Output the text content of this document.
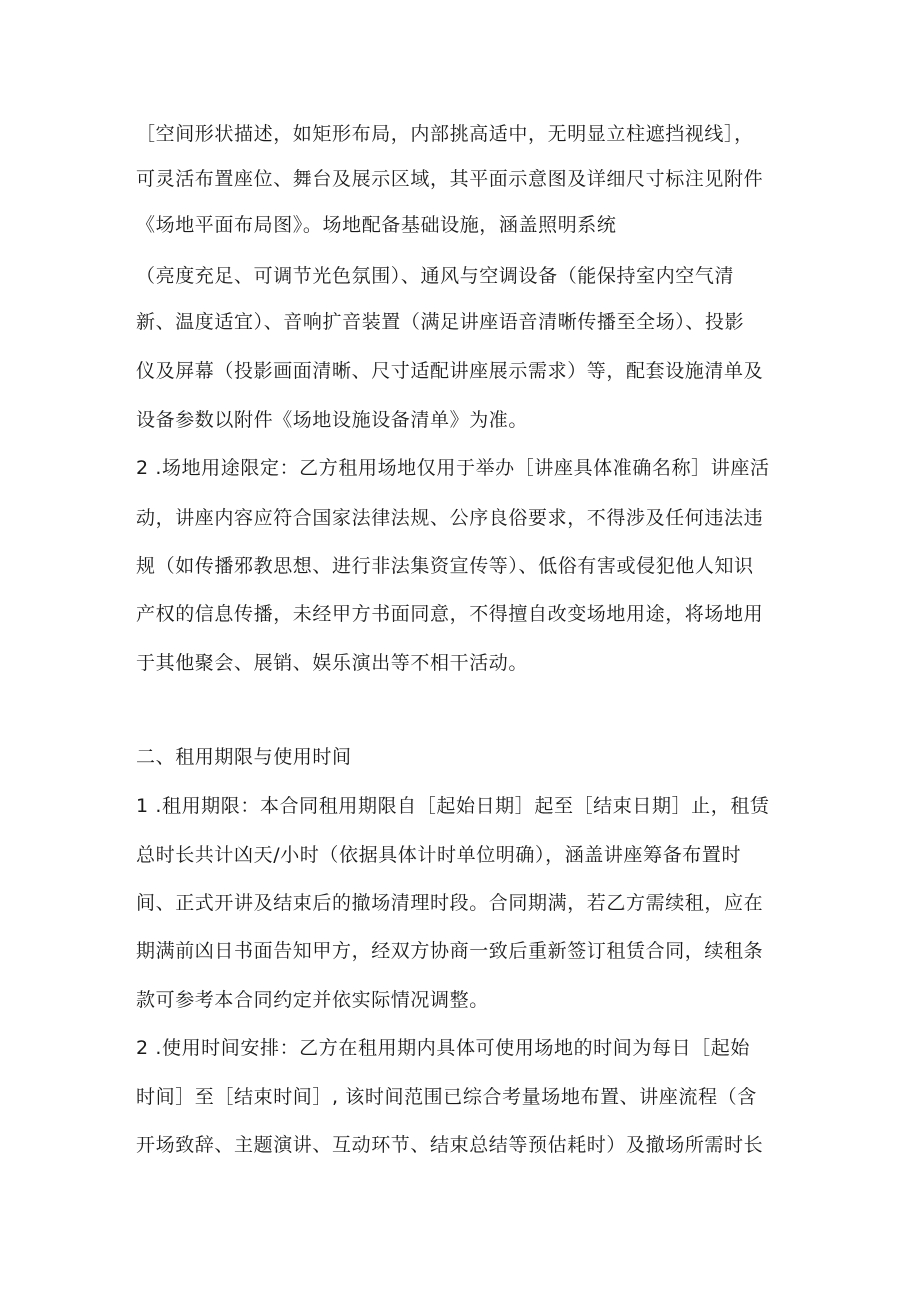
［空间形状描述，如矩形布局，内部挑高适中，无明显立柱遮挡视线］，
可灵活布置座位、舞台及展示区域，其平面示意图及详细尺寸标注见附件
《场地平面布局图》。场地配备基础设施，涵盖照明系统
（亮度充足、可调节光色氛围）、通风与空调设备（能保持室内空气清
新、温度适宜）、音响扩音装置（满足讲座语音清晰传播至全场）、投影
仪及屏幕（投影画面清晰、尺寸适配讲座展示需求）等，配套设施清单及
设备参数以附件《场地设施设备清单》为准。
2 .场地用途限定：乙方租用场地仅用于举办［讲座具体准确名称］讲座活
动，讲座内容应符合国家法律法规、公序良俗要求，不得涉及任何违法违
规（如传播邪教思想、进行非法集资宣传等）、低俗有害或侵犯他人知识
产权的信息传播，未经甲方书面同意，不得擅自改变场地用途，将场地用
于其他聚会、展销、娱乐演出等不相干活动。
二、租用期限与使用时间
1 .租用期限：本合同租用期限自［起始日期］起至［结束日期］止，租赁
总时长共计凶天/小时（依据具体计时单位明确），涵盖讲座筹备布置时
间、正式开讲及结束后的撤场清理时段。合同期满，若乙方需续租，应在
期满前凶日书面告知甲方，经双方协商一致后重新签订租赁合同，续租条
款可参考本合同约定并依实际情况调整。
2 .使用时间安排：乙方在租用期内具体可使用场地的时间为每日［起始
时间］至［结束时间］, 该时间范围已综合考量场地布置、讲座流程（含
开场致辞、主题演讲、互动环节、结束总结等预估耗时）及撤场所需时长
